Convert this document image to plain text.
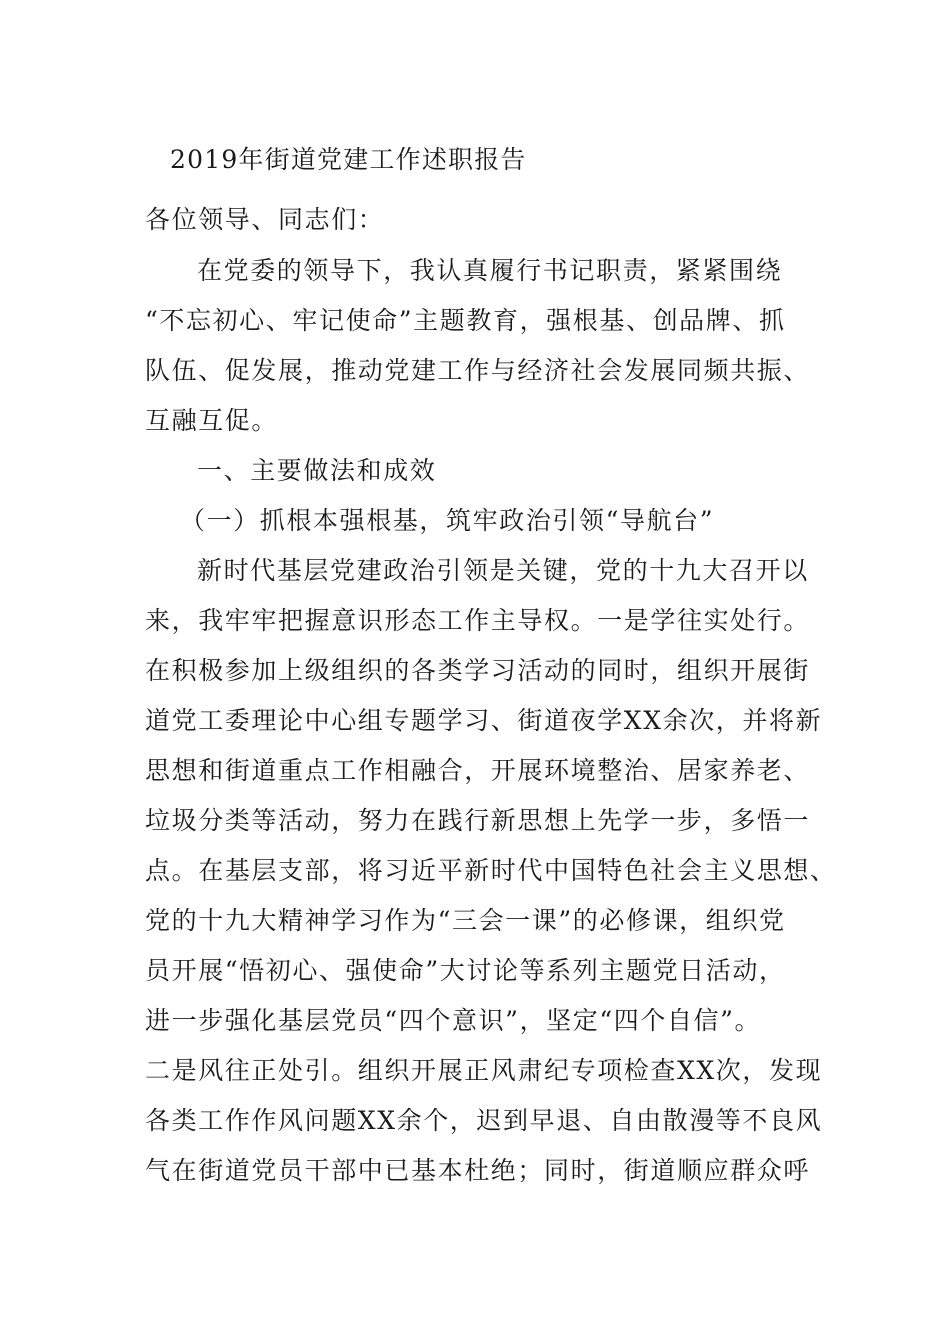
2019年街道党建工作述职报告
各位领导、同志们：
在党委的领导下，我认真履行书记职责，紧紧围绕
“不忘初心、牢记使命”主题教育，强根基、创品牌、抓
队伍、促发展，推动党建工作与经济社会发展同频共振、
互融互促。
一、主要做法和成效
（一）抓根本强根基，筑牢政治引领“导航台”
新时代基层党建政治引领是关键，党的十九大召开以
来，我牢牢把握意识形态工作主导权。一是学往实处行。
在积极参加上级组织的各类学习活动的同时，组织开展街
道党工委理论中心组专题学习、街道夜学XX余次，并将新
思想和街道重点工作相融合，开展环境整治、居家养老、
垃圾分类等活动，努力在践行新思想上先学一步，多悟一
点。在基层支部，将习近平新时代中国特色社会主义思想、
党的十九大精神学习作为“三会一课”的必修课，组织党
员开展“悟初心、强使命”大讨论等系列主题党日活动，
进一步强化基层党员“四个意识”，坚定“四个自信”。
二是风往正处引。组织开展正风肃纪专项检查XX次，发现
各类工作作风问题XX余个，迟到早退、自由散漫等不良风
气在街道党员干部中已基本杜绝；同时，街道顺应群众呼
